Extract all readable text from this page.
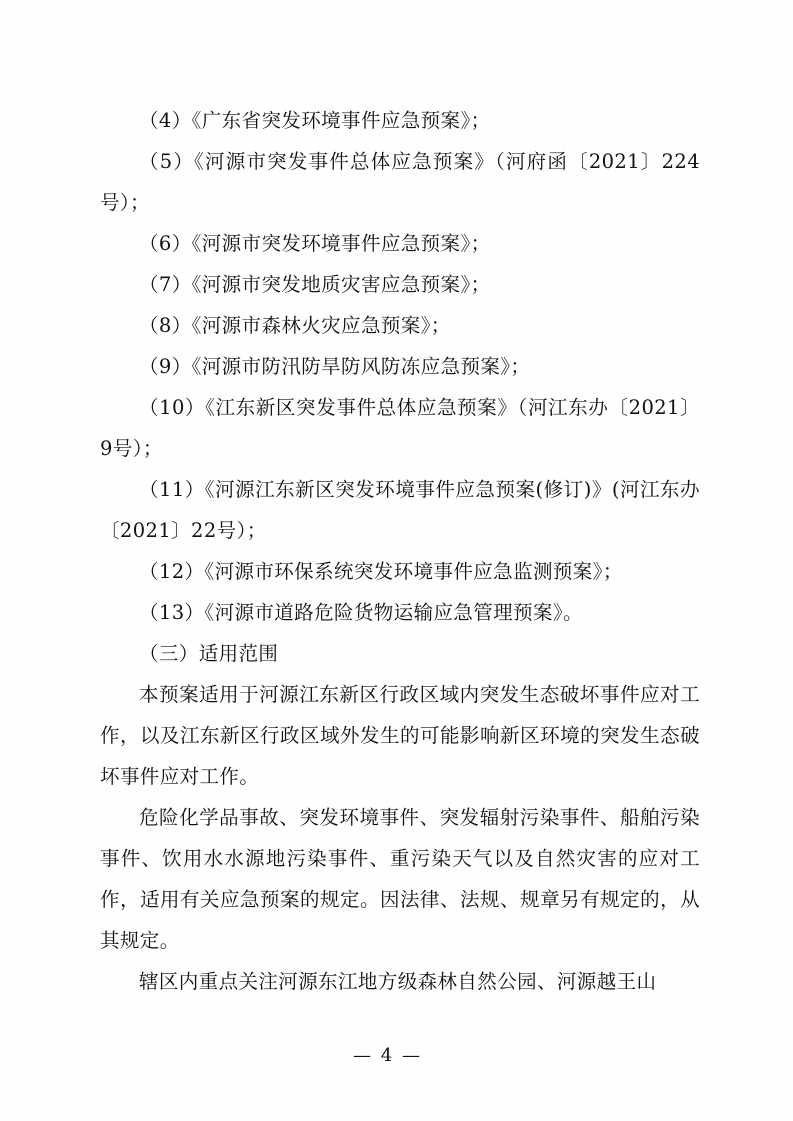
（4）《广东省突发环境事件应急预案》；

（5）《河源市突发事件总体应急预案》（河府函〔2021〕224号）；

（6）《河源市突发环境事件应急预案》；

（7）《河源市突发地质灾害应急预案》；

（8）《河源市森林火灾应急预案》；

（9）《河源市防汛防旱防风防冻应急预案》；

（10）《江东新区突发事件总体应急预案》（河江东办〔2021〕9号）；

（11）《河源江东新区突发环境事件应急预案(修订)》(河江东办〔2021〕22号）；

（12）《河源市环保系统突发环境事件应急监测预案》；

（13）《河源市道路危险货物运输应急管理预案》。

（三）适用范围

本预案适用于河源江东新区行政区域内突发生态破坏事件应对工作，以及江东新区行政区域外发生的可能影响新区环境的突发生态破坏事件应对工作。

危险化学品事故、突发环境事件、突发辐射污染事件、船舶污染事件、饮用水水源地污染事件、重污染天气以及自然灾害的应对工作，适用有关应急预案的规定。因法律、法规、规章另有规定的，从其规定。

辖区内重点关注河源东江地方级森林自然公园、河源越王山

— 4 —
